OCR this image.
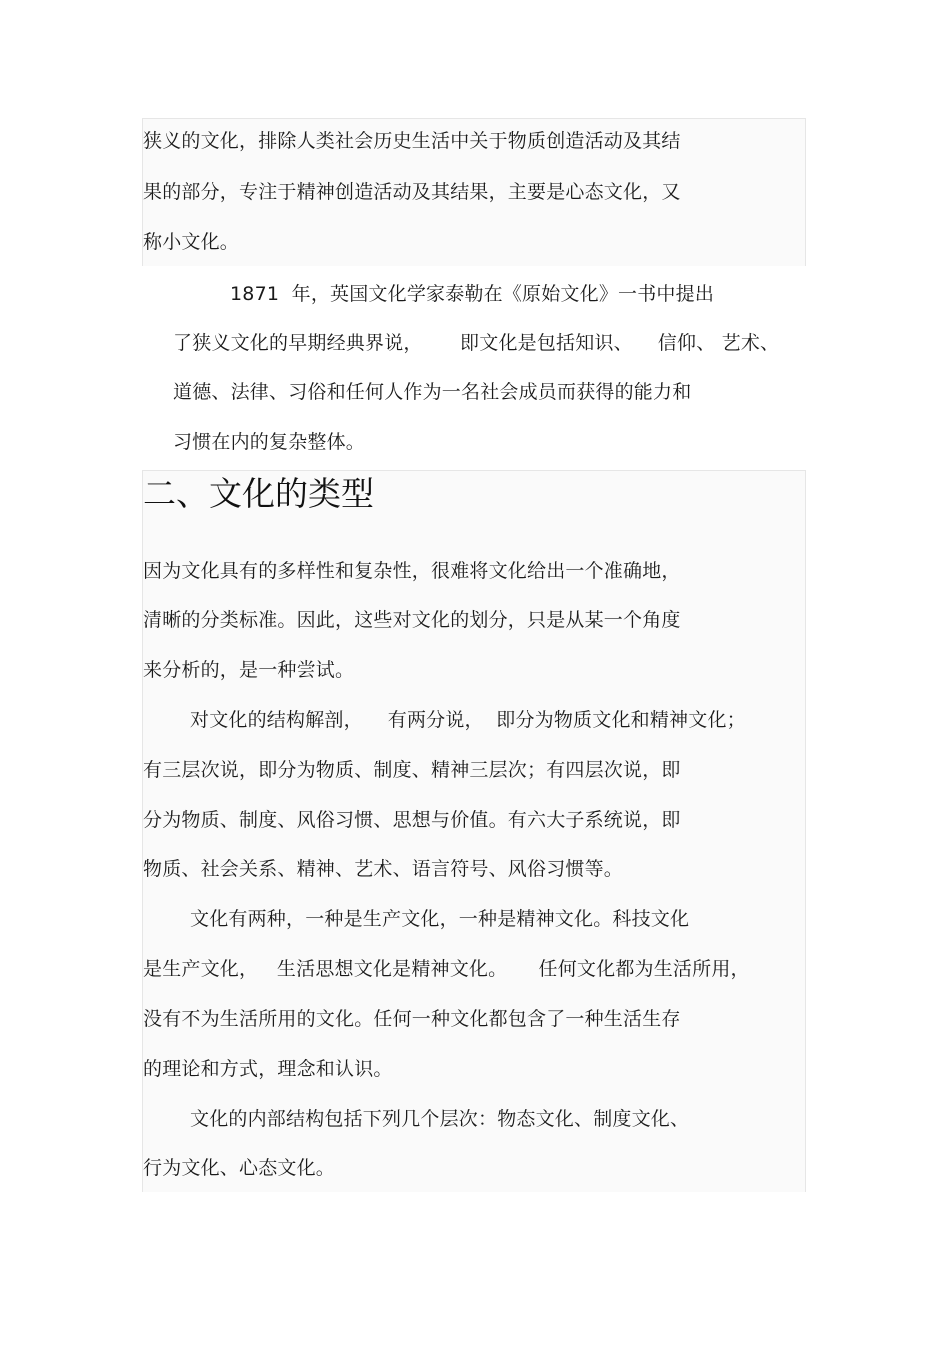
狭义的文化，排除人类社会历史生活中关于物质创造活动及其结
果的部分，专注于精神创造活动及其结果，主要是心态文化，又
称小文化。
1871  年，英国文化学家泰勒在《原始文化》一书中提出
了狭义文化的早期经典界说，      即文化是包括知识、    信仰、 艺术、
道德、法律、习俗和任何人作为一名社会成员而获得的能力和
习惯在内的复杂整体。
二、文化的类型
因为文化具有的多样性和复杂性，很难将文化给出一个准确地，
清晰的分类标准。因此，这些对文化的划分，只是从某一个角度
来分析的，是一种尝试。
对文化的结构解剖，    有两分说，  即分为物质文化和精神文化；
有三层次说，即分为物质、制度、精神三层次；有四层次说，即
分为物质、制度、风俗习惯、思想与价值。有六大子系统说，即
物质、社会关系、精神、艺术、语言符号、风俗习惯等。
文化有两种，一种是生产文化，一种是精神文化。科技文化
是生产文化，   生活思想文化是精神文化。     任何文化都为生活所用，
没有不为生活所用的文化。任何一种文化都包含了一种生活生存
的理论和方式，理念和认识。
文化的内部结构包括下列几个层次：物态文化、制度文化、
行为文化、心态文化。
